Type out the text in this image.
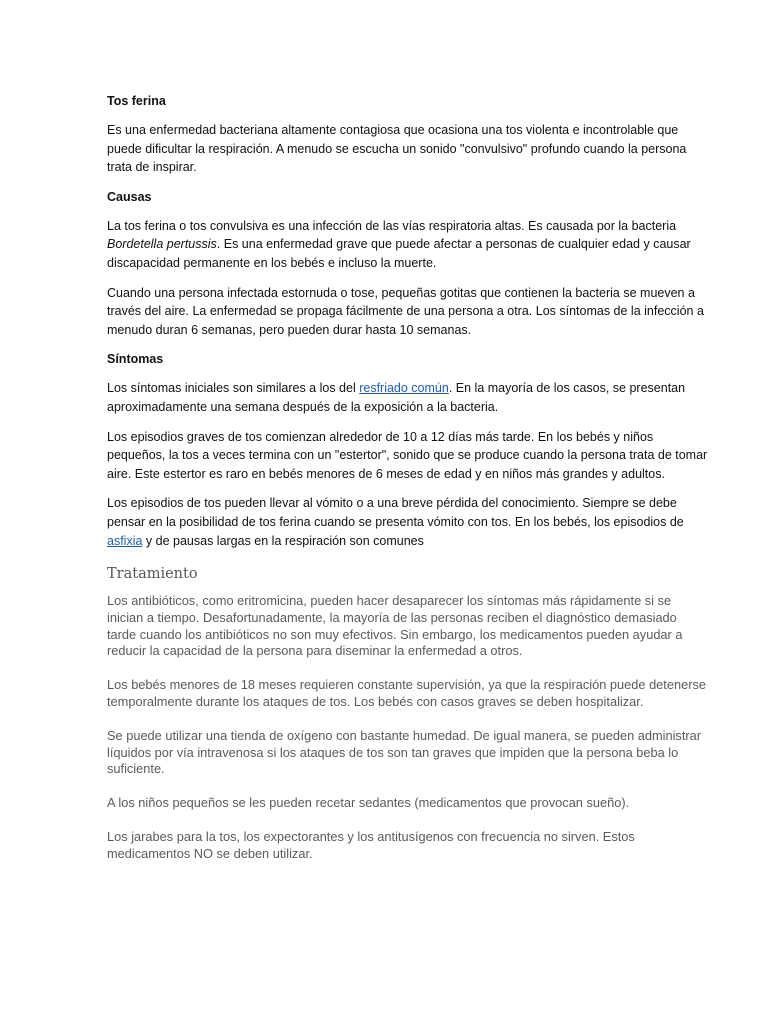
Tos ferina

Es una enfermedad bacteriana altamente contagiosa que ocasiona una tos violenta e incontrolable que puede dificultar la respiración. A menudo se escucha un sonido "convulsivo" profundo cuando la persona trata de inspirar.

Causas

La tos ferina o tos convulsiva es una infección de las vías respiratoria altas. Es causada por la bacteria Bordetella pertussis. Es una enfermedad grave que puede afectar a personas de cualquier edad y causar discapacidad permanente en los bebés e incluso la muerte.

Cuando una persona infectada estornuda o tose, pequeñas gotitas que contienen la bacteria se mueven a través del aire. La enfermedad se propaga fácilmente de una persona a otra. Los síntomas de la infección a menudo duran 6 semanas, pero pueden durar hasta 10 semanas.

Síntomas

Los síntomas iniciales son similares a los del resfriado común. En la mayoría de los casos, se presentan aproximadamente una semana después de la exposición a la bacteria.

Los episodios graves de tos comienzan alrededor de 10 a 12 días más tarde. En los bebés y niños pequeños, la tos a veces termina con un "estertor", sonido que se produce cuando la persona trata de tomar aire. Este estertor es raro en bebés menores de 6 meses de edad y en niños más grandes y adultos.

Los episodios de tos pueden llevar al vómito o a una breve pérdida del conocimiento. Siempre se debe pensar en la posibilidad de tos ferina cuando se presenta vómito con tos. En los bebés, los episodios de asfixia y de pausas largas en la respiración son comunes

Tratamiento

Los antibióticos, como eritromicina, pueden hacer desaparecer los síntomas más rápidamente si se inician a tiempo. Desafortunadamente, la mayoría de las personas reciben el diagnóstico demasiado tarde cuando los antibióticos no son muy efectivos. Sin embargo, los medicamentos pueden ayudar a reducir la capacidad de la persona para diseminar la enfermedad a otros.

Los bebés menores de 18 meses requieren constante supervisión, ya que la respiración puede detenerse temporalmente durante los ataques de tos. Los bebés con casos graves se deben hospitalizar.

Se puede utilizar una tienda de oxígeno con bastante humedad. De igual manera, se pueden administrar líquidos por vía intravenosa si los ataques de tos son tan graves que impiden que la persona beba lo suficiente.

A los niños pequeños se les pueden recetar sedantes (medicamentos que provocan sueño).

Los jarabes para la tos, los expectorantes y los antitusígenos con frecuencia no sirven. Estos medicamentos NO se deben utilizar.
